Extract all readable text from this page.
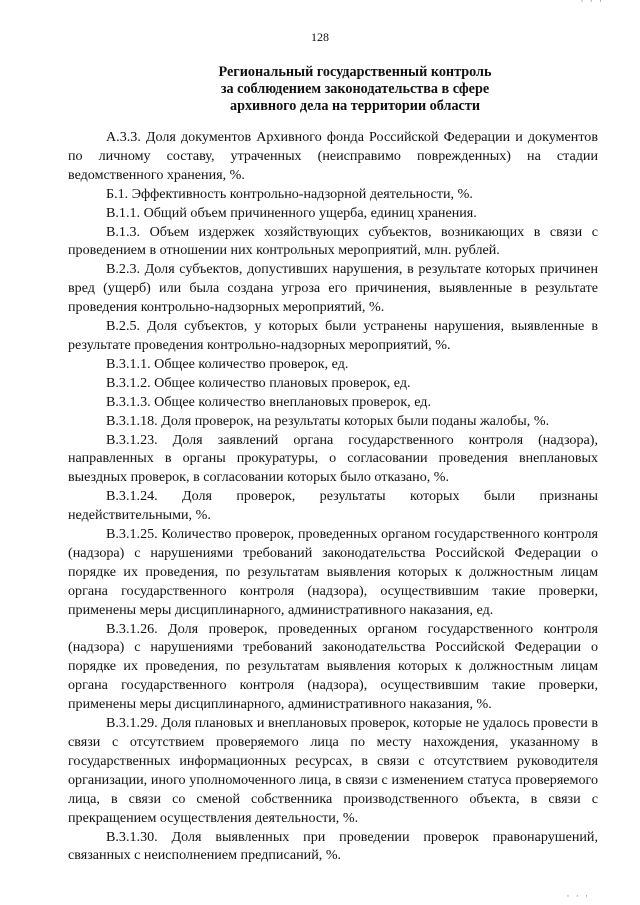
· · ·
128
Региональный государственный контроль
за соблюдением законодательства в сфере
архивного дела на территории области

А.3.3. Доля документов Архивного фонда Российской Федерации и документов по личному составу, утраченных (неисправимо поврежденных) на стадии ведомственного хранения, %.

Б.1. Эффективность контрольно-надзорной деятельности, %.

В.1.1. Общий объем причиненного ущерба, единиц хранения.

В.1.3. Объем издержек хозяйствующих субъектов, возникающих в связи с проведением в отношении них контрольных мероприятий, млн. рублей.

В.2.3. Доля субъектов, допустивших нарушения, в результате которых причинен вред (ущерб) или была создана угроза его причинения, выявленные в результате проведения контрольно-надзорных мероприятий, %.

В.2.5. Доля субъектов, у которых были устранены нарушения, выявленные в результате проведения контрольно-надзорных мероприятий, %.

В.3.1.1. Общее количество проверок, ед.

В.3.1.2. Общее количество плановых проверок, ед.

В.3.1.3. Общее количество внеплановых проверок, ед.

В.3.1.18. Доля проверок, на результаты которых были поданы жалобы, %.

В.3.1.23. Доля заявлений органа государственного контроля (надзора), направленных в органы прокуратуры, о согласовании проведения внеплановых выездных проверок, в согласовании которых было отказано, %.

В.3.1.24. Доля проверок, результаты которых были признаны недействительными, %.

В.3.1.25. Количество проверок, проведенных органом государственного контроля (надзора) с нарушениями требований законодательства Российской Федерации о порядке их проведения, по результатам выявления которых к должностным лицам органа государственного контроля (надзора), осуществившим такие проверки, применены меры дисциплинарного, административного наказания, ед.

В.3.1.26. Доля проверок, проведенных органом государственного контроля (надзора) с нарушениями требований законодательства Российской Федерации о порядке их проведения, по результатам выявления которых к должностным лицам органа государственного контроля (надзора), осуществившим такие проверки, применены меры дисциплинарного, административного наказания, %.

В.3.1.29. Доля плановых и внеплановых проверок, которые не удалось провести в связи с отсутствием проверяемого лица по месту нахождения, указанному в государственных информационных ресурсах, в связи с отсутствием руководителя организации, иного уполномоченного лица, в связи с изменением статуса проверяемого лица, в связи со сменой собственника производственного объекта, в связи с прекращением осуществления деятельности, %.

В.3.1.30. Доля выявленных при проведении проверок правонарушений, связанных с неисполнением предписаний, %.

· · ·
